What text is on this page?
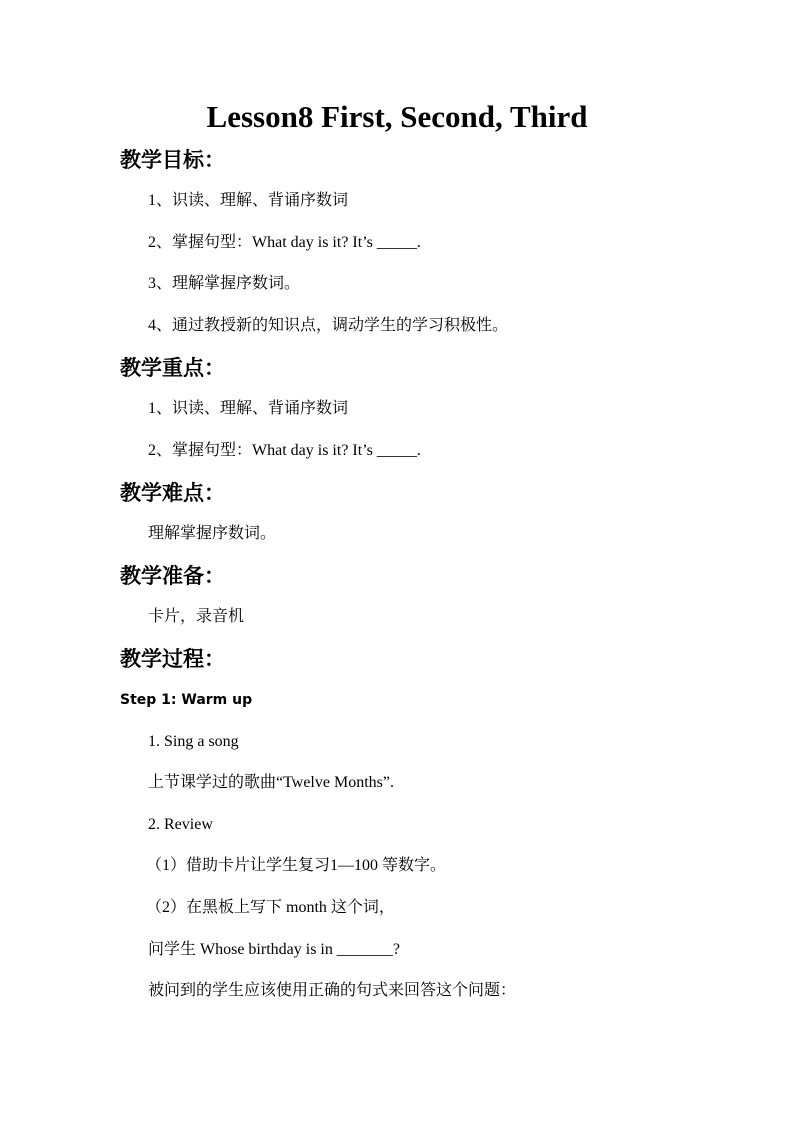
Lesson8 First, Second, Third
教学目标：
1、识读、理解、背诵序数词
2、掌握句型：What day is it? It’s _____.
3、理解掌握序数词。
4、通过教授新的知识点，调动学生的学习积极性。
教学重点：
1、识读、理解、背诵序数词
2、掌握句型：What day is it? It’s _____.
教学难点：
理解掌握序数词。
教学准备：
卡片，录音机
教学过程：
Step 1: Warm up
1. Sing a song
上节课学过的歌曲“Twelve Months”.
2. Review
（1）借助卡片让学生复习1—100 等数字。
（2）在黑板上写下 month 这个词，
问学生 Whose birthday is in _______?
被问到的学生应该使用正确的句式来回答这个问题：
